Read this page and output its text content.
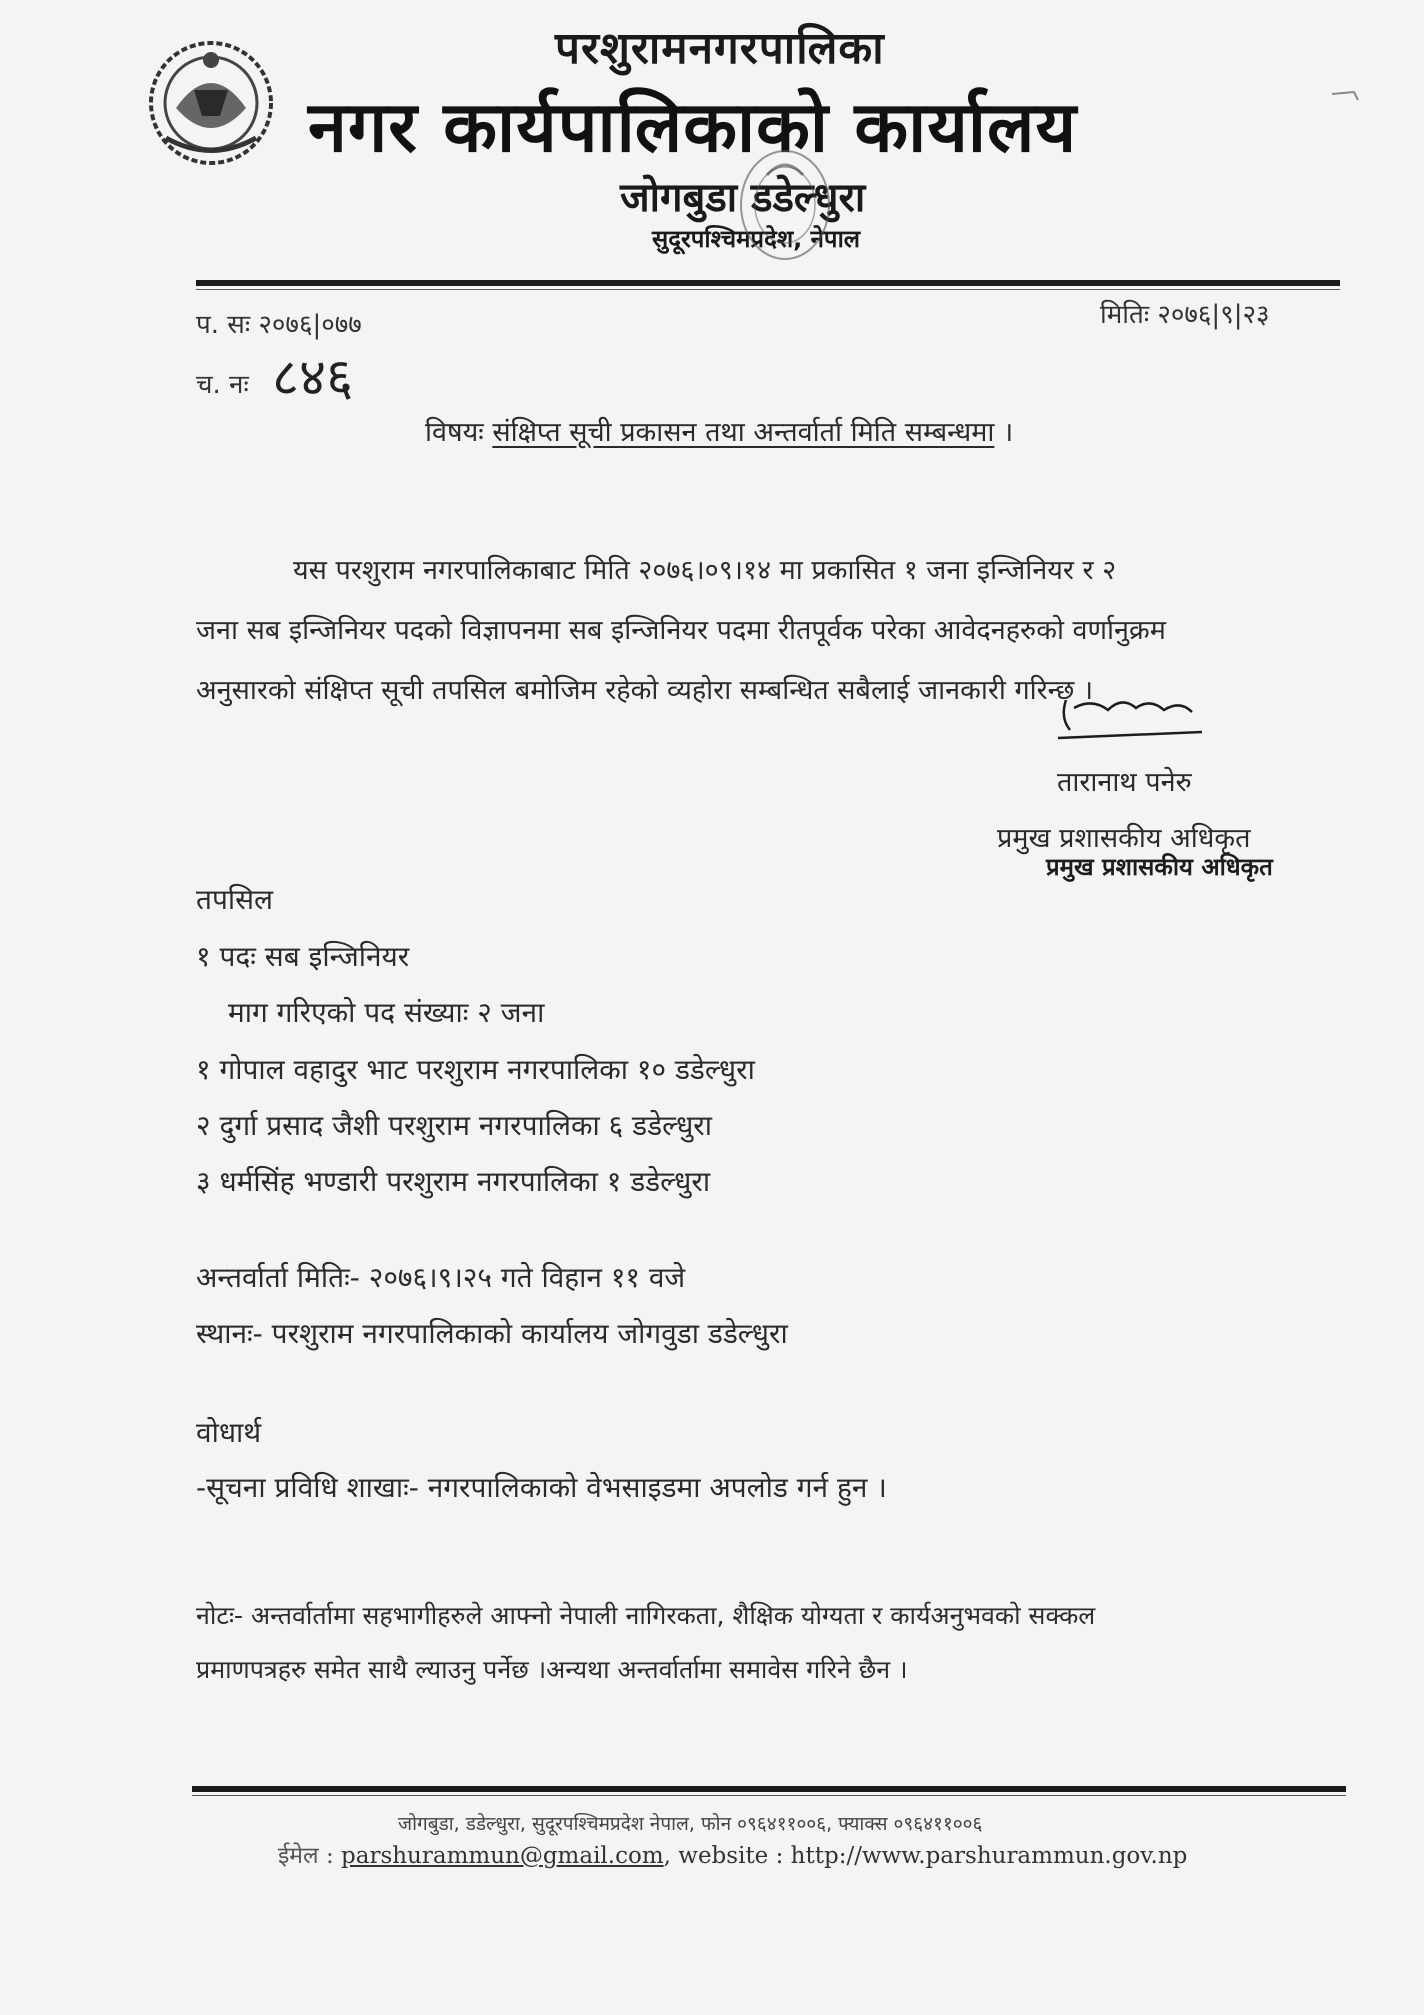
परशुरामनगरपालिका
नगर कार्यपालिकाको कार्यालय
जोगबुडा डडेल्धुरा
सुदूरपश्चिमप्रदेश, नेपाल
प. सः २०७६|०७७
च. नः ८४६
मितिः २०७६|९|२३
विषयः संक्षिप्त सूची प्रकासन तथा अन्तर्वार्ता मिति सम्बन्धमा ।
यस परशुराम नगरपालिकाबाट मिति २०७६।०९।१४ मा प्रकासित १ जना इन्जिनियर र २
जना सब इन्जिनियर पदको विज्ञापनमा सब इन्जिनियर पदमा रीतपूर्वक परेका आवेदनहरुको वर्णानुक्रम
अनुसारको संक्षिप्त सूची तपसिल बमोजिम रहेको व्यहोरा सम्बन्धित सबैलाई जानकारी गरिन्छ ।
तारानाथ पनेरु
प्रमुख प्रशासकीय अधिकृत
प्रमुख प्रशासकीय अधिकृत
तपसिल
१ पदः सब इन्जिनियर
माग गरिएको पद संख्याः २ जना
१ गोपाल वहादुर भाट परशुराम नगरपालिका १० डडेल्धुरा
२ दुर्गा प्रसाद जैशी परशुराम नगरपालिका ६ डडेल्धुरा
३ धर्मसिंह भण्डारी परशुराम नगरपालिका १ डडेल्धुरा
अन्तर्वार्ता मितिः- २०७६।९।२५ गते विहान ११ वजे
स्थानः- परशुराम नगरपालिकाको कार्यालय जोगवुडा डडेल्धुरा
वोधार्थ
-सूचना प्रविधि शाखाः- नगरपालिकाको वेभसाइडमा अपलोड गर्न हुन ।
नोटः- अन्तर्वार्तामा सहभागीहरुले आफ्नो नेपाली नागिरकता, शैक्षिक योग्यता र कार्यअनुभवको सक्कल
प्रमाणपत्रहरु समेत साथै ल्याउनु पर्नेछ ।अन्यथा अन्तर्वार्तामा समावेस गरिने छैन ।
जोगबुडा, डडेल्धुरा, सुदूरपश्चिमप्रदेश नेपाल, फोन ०९६४११००६, फ्याक्स ०९६४११००६
ईमेल : parshurammun@gmail.com, website : http://www.parshurammun.gov.np
